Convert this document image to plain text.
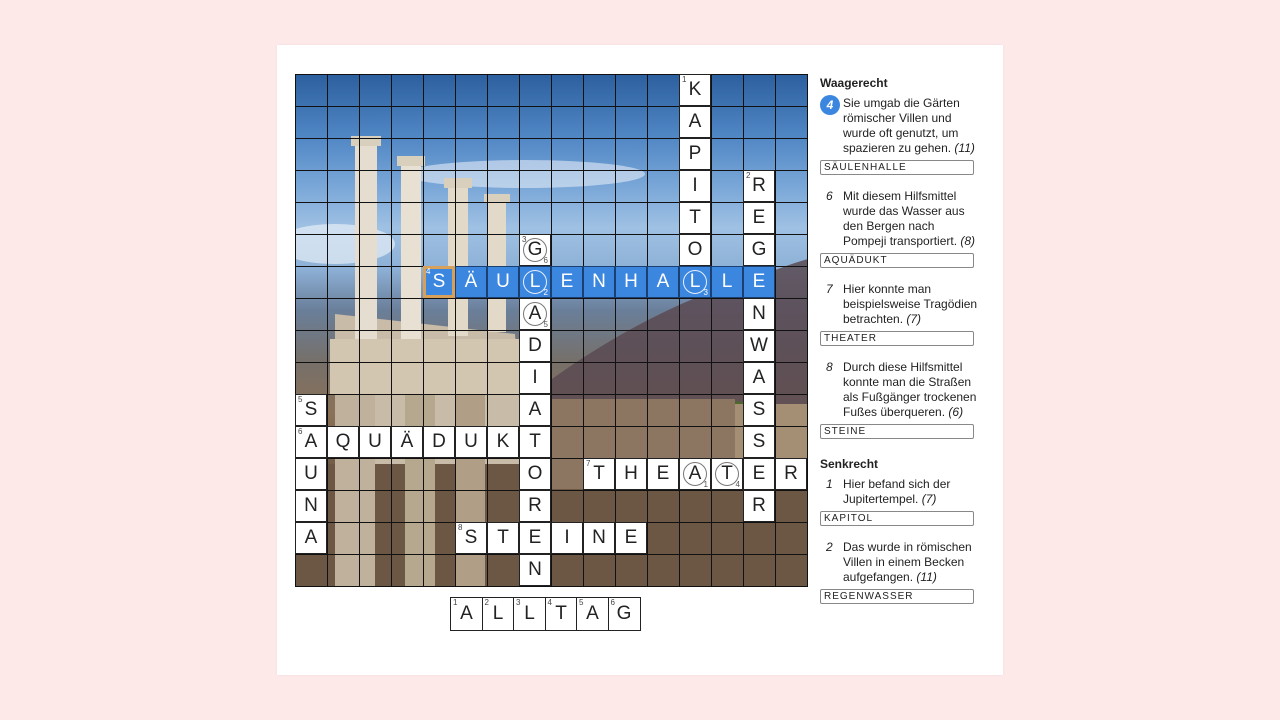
1 K
A
P
I
T
O
L
3
2 R
E
G
E
N
W
A
S
S
E
R
3 G
6
L
2
A
5
D
I
A
T
O
R
E
N
4 S Ä U	E N H A	L
5 S
6 A
U
N
A
Q U Ä D U K
7 T H E A
1
T
4
R
8 S T	I N E
1
A
2
L
3
L
4
T
5
A
6
G
Waagerecht
4 Sie umgab die Gärten römischer Villen und wurde oft genutzt, um spazieren zu gehen. (11)
SÄULENHALLE
6 Mit diesem Hilfsmittel wurde das Wasser aus den Bergen nach Pompeji transportiert. (8)
AQUÄDUKT
7 Hier konnte man beispielsweise Tragödien betrachten. (7)
THEATER
8 Durch diese Hilfsmittel konnte man die Straßen als Fußgänger trockenen Fußes überqueren. (6)
STEINE
Senkrecht
1 Hier befand sich der Jupitertempel. (7)
KAPITOL
2 Das wurde in römischen Villen in einem Becken aufgefangen. (11)
REGENWASSER
